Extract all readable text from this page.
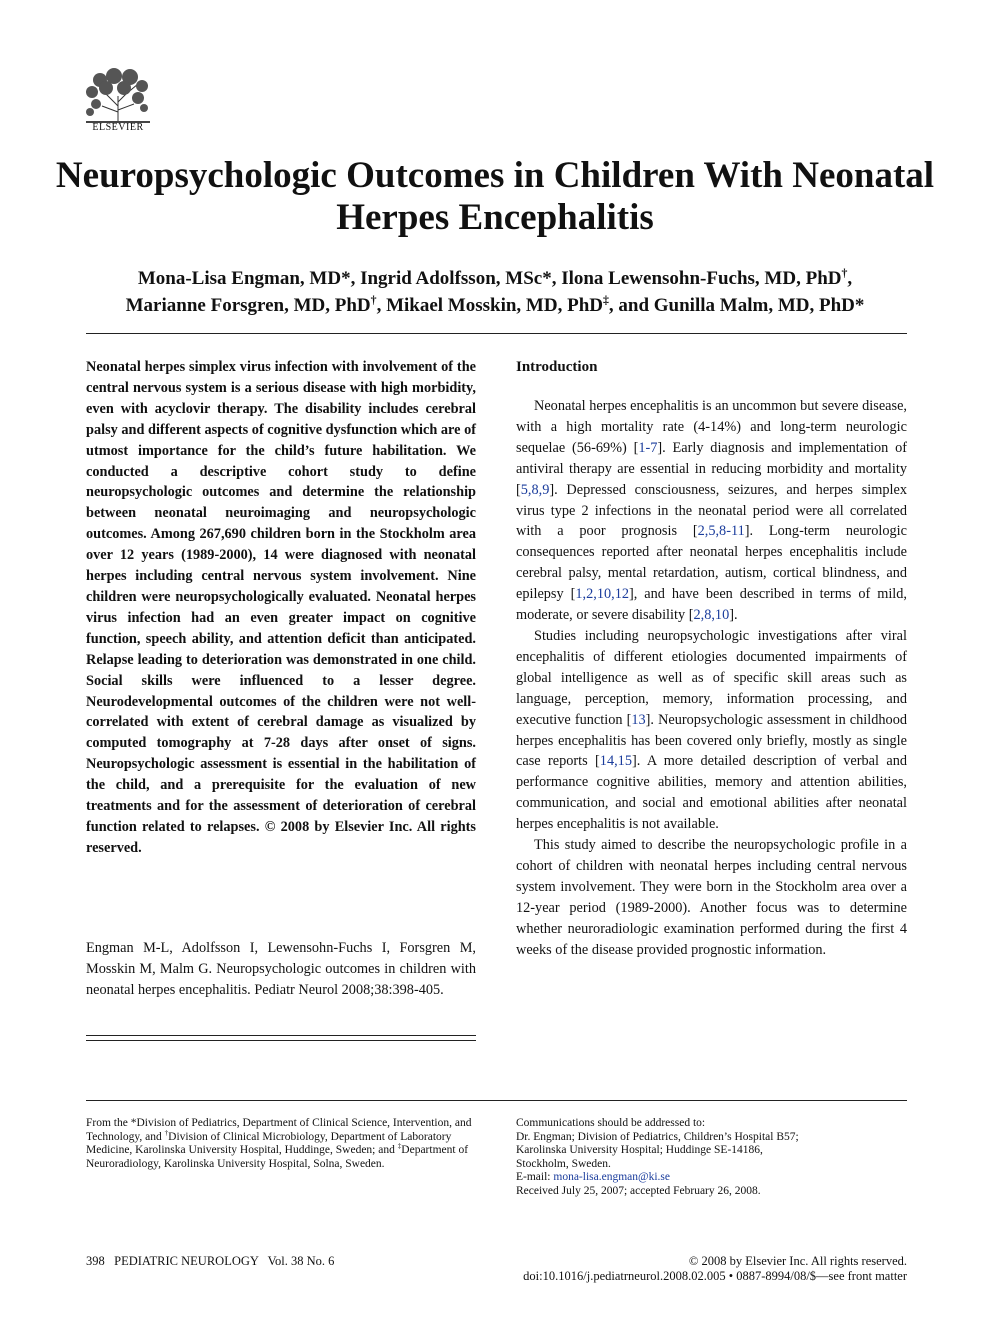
ELSEVIER
Neuropsychologic Outcomes in Children With Neonatal Herpes Encephalitis
Mona-Lisa Engman, MD*, Ingrid Adolfsson, MSc*, Ilona Lewensohn-Fuchs, MD, PhD†,
Marianne Forsgren, MD, PhD†, Mikael Mosskin, MD, PhD‡, and Gunilla Malm, MD, PhD*

Neonatal herpes simplex virus infection with involvement of the central nervous system is a serious disease with high morbidity, even with acyclovir therapy. The disability includes cerebral palsy and different aspects of cognitive dysfunction which are of utmost importance for the child’s future habilitation. We conducted a descriptive cohort study to define neuropsychologic outcomes and determine the relationship between neonatal neuroimaging and neuropsychologic outcomes. Among 267,690 children born in the Stockholm area over 12 years (1989-2000), 14 were diagnosed with neonatal herpes including central nervous system involvement. Nine children were neuropsychologically evaluated. Neonatal herpes virus infection had an even greater impact on cognitive function, speech ability, and attention deficit than anticipated. Relapse leading to deterioration was demonstrated in one child. Social skills were influenced to a lesser degree. Neurodevelopmental outcomes of the children were not well-correlated with extent of cerebral damage as visualized by computed tomography at 7-28 days after onset of signs. Neuropsychologic assessment is essential in the habilitation of the child, and a prerequisite for the evaluation of new treatments and for the assessment of deterioration of cerebral function related to relapses. © 2008 by Elsevier Inc. All rights reserved.

Engman M-L, Adolfsson I, Lewensohn-Fuchs I, Forsgren M, Mosskin M, Malm G. Neuropsychologic outcomes in children with neonatal herpes encephalitis. Pediatr Neurol 2008;38:398-405.

Introduction

Neonatal herpes encephalitis is an uncommon but severe disease, with a high mortality rate (4-14%) and long-term neurologic sequelae (56-69%) [1-7]. Early diagnosis and implementation of antiviral therapy are essential in reducing morbidity and mortality [5,8,9]. Depressed consciousness, seizures, and herpes simplex virus type 2 infections in the neonatal period were all correlated with a poor prognosis [2,5,8-11]. Long-term neurologic consequences reported after neonatal herpes encephalitis include cerebral palsy, mental retardation, autism, cortical blindness, and epilepsy [1,2,10,12], and have been described in terms of mild, moderate, or severe disability [2,8,10].

Studies including neuropsychologic investigations after viral encephalitis of different etiologies documented impairments of global intelligence as well as of specific skill areas such as language, perception, memory, information processing, and executive function [13]. Neuropsychologic assessment in childhood herpes encephalitis has been covered only briefly, mostly as single case reports [14,15]. A more detailed description of verbal and performance cognitive abilities, memory and attention abilities, communication, and social and emotional abilities after neonatal herpes encephalitis is not available.

This study aimed to describe the neuropsychologic profile in a cohort of children with neonatal herpes including central nervous system involvement. They were born in the Stockholm area over a 12-year period (1989-2000). Another focus was to determine whether neuroradiologic examination performed during the first 4 weeks of the disease provided prognostic information.

From the *Division of Pediatrics, Department of Clinical Science, Intervention, and Technology, and †Division of Clinical Microbiology, Department of Laboratory Medicine, Karolinska University Hospital, Huddinge, Sweden; and ‡Department of Neuroradiology, Karolinska University Hospital, Solna, Sweden.

Communications should be addressed to:

Dr. Engman; Division of Pediatrics, Children’s Hospital B57;

Karolinska University Hospital; Huddinge SE-14186,

Stockholm, Sweden.

E-mail: mona-lisa.engman@ki.se

Received July 25, 2007; accepted February 26, 2008.

398   PEDIATRIC NEUROLOGY   Vol. 38 No. 6	© 2008 by Elsevier Inc. All rights reserved.
doi:10.1016/j.pediatrneurol.2008.02.005 • 0887-8994/08/$—see front matter
